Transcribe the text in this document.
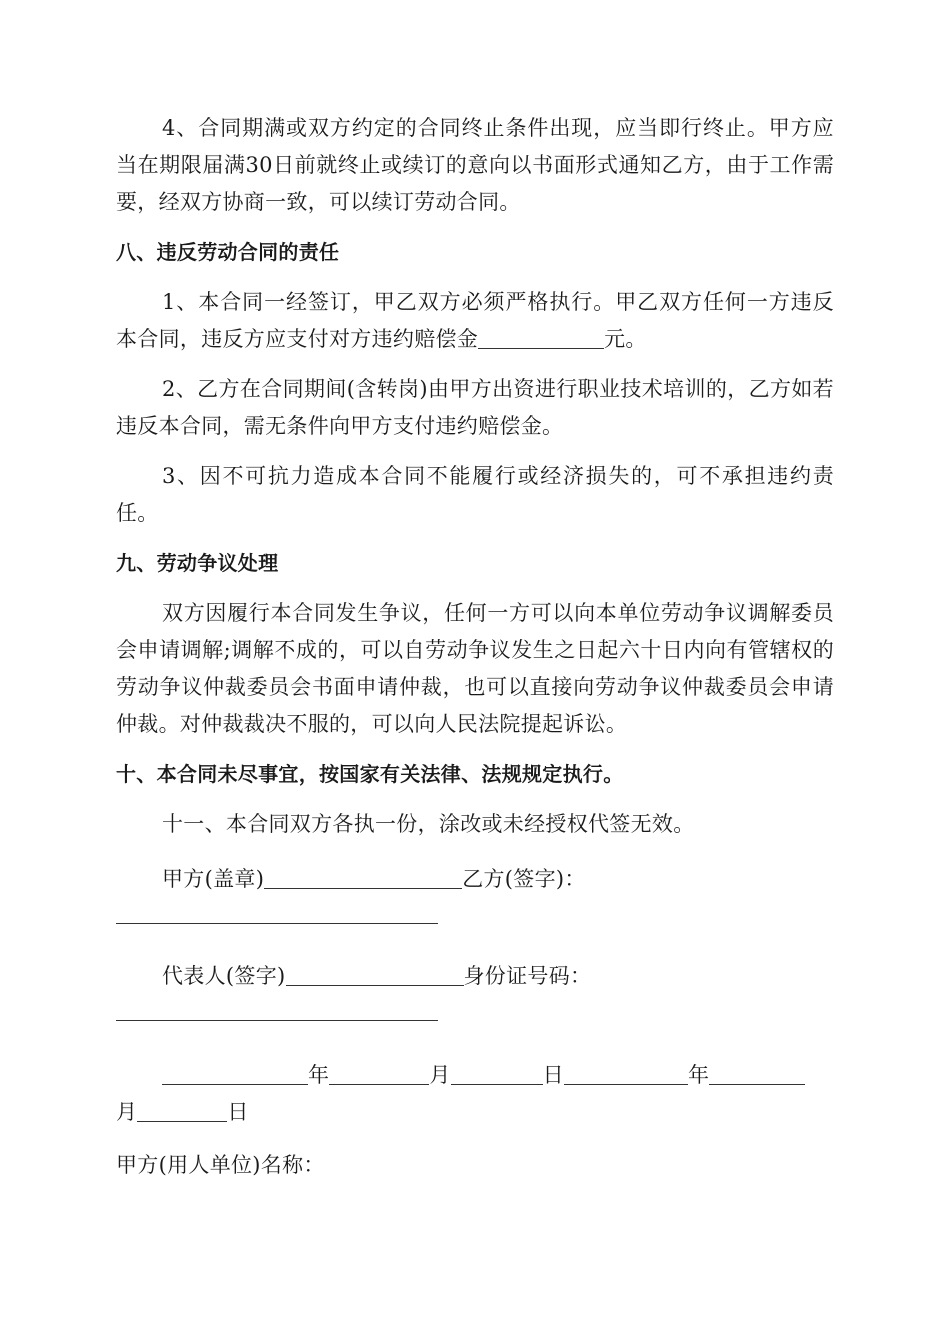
4、合同期满或双方约定的合同终止条件出现，应当即行终止。甲方应当在期限届满30日前就终止或续订的意向以书面形式通知乙方，由于工作需要，经双方协商一致，可以续订劳动合同。

八、违反劳动合同的责任

1、本合同一经签订，甲乙双方必须严格执行。甲乙双方任何一方违反本合同，违反方应支付对方违约赔偿金	元。

2、乙方在合同期间(含转岗)由甲方出资进行职业技术培训的，乙方如若违反本合同，需无条件向甲方支付违约赔偿金。

3、因不可抗力造成本合同不能履行或经济损失的，可不承担违约责任。

九、劳动争议处理

双方因履行本合同发生争议，任何一方可以向本单位劳动争议调解委员会申请调解;调解不成的，可以自劳动争议发生之日起六十日内向有管辖权的劳动争议仲裁委员会书面申请仲裁，也可以直接向劳动争议仲裁委员会申请仲裁。对仲裁裁决不服的，可以向人民法院提起诉讼。

十、本合同未尽事宜，按国家有关法律、法规规定执行。

十一、本合同双方各执一份，涂改或未经授权代签无效。

甲方(盖章)	乙方(签字)：

代表人(签字)	身份证号码：

年	月	日	年
月	日

甲方(用人单位)名称：
